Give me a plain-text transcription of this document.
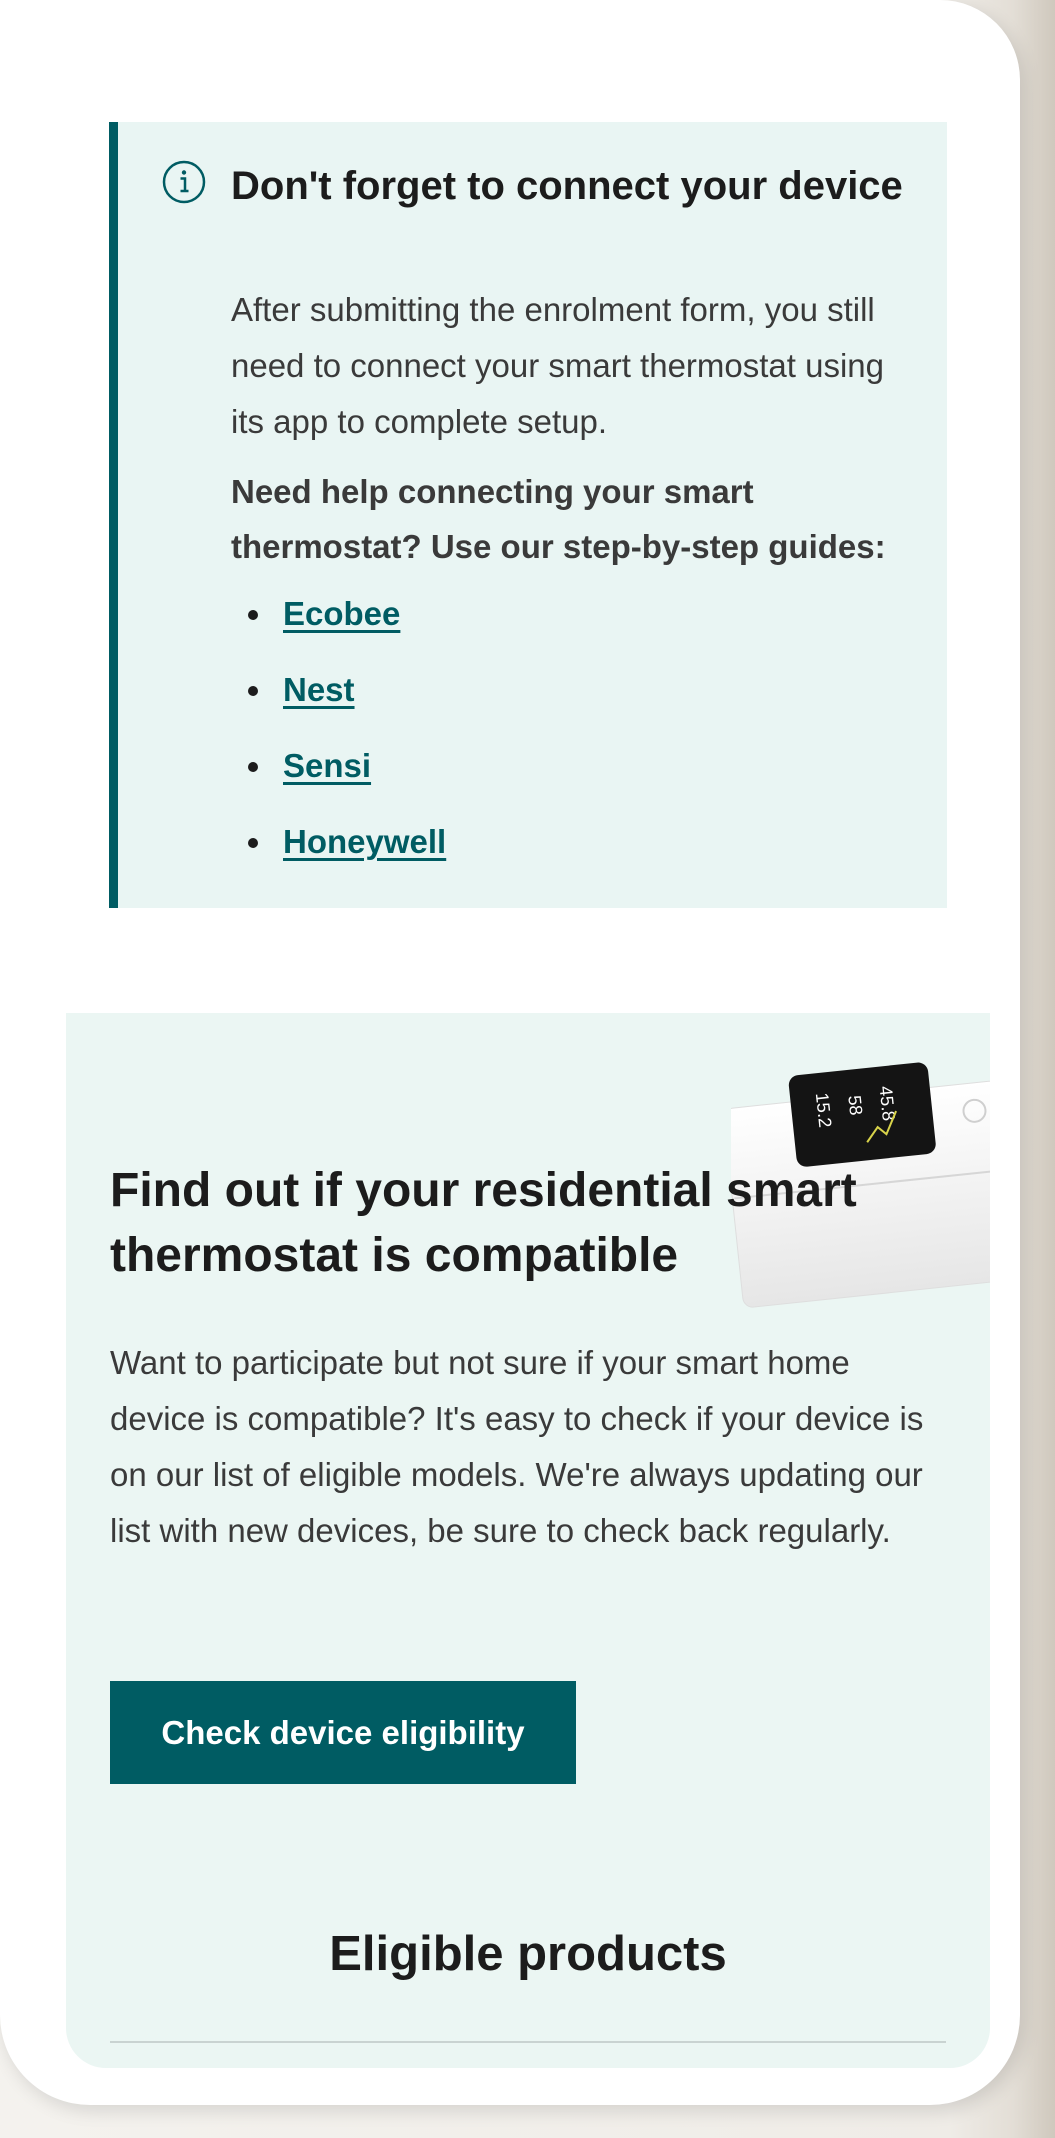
Don't forget to connect your device

After submitting the enrolment form, you still need to connect your smart thermostat using its app to complete setup.

Need help connecting your smart thermostat? Use our step-by-step guides:

Ecobee
Nest
Sensi
Honeywell
45.8
58
15.2
Find out if your residential smart thermostat is compatible

Want to participate but not sure if your smart home device is compatible? It's easy to check if your device is on our list of eligible models. We're always updating our list with new devices, be sure to check back regularly.

Check device eligibility
Eligible products
